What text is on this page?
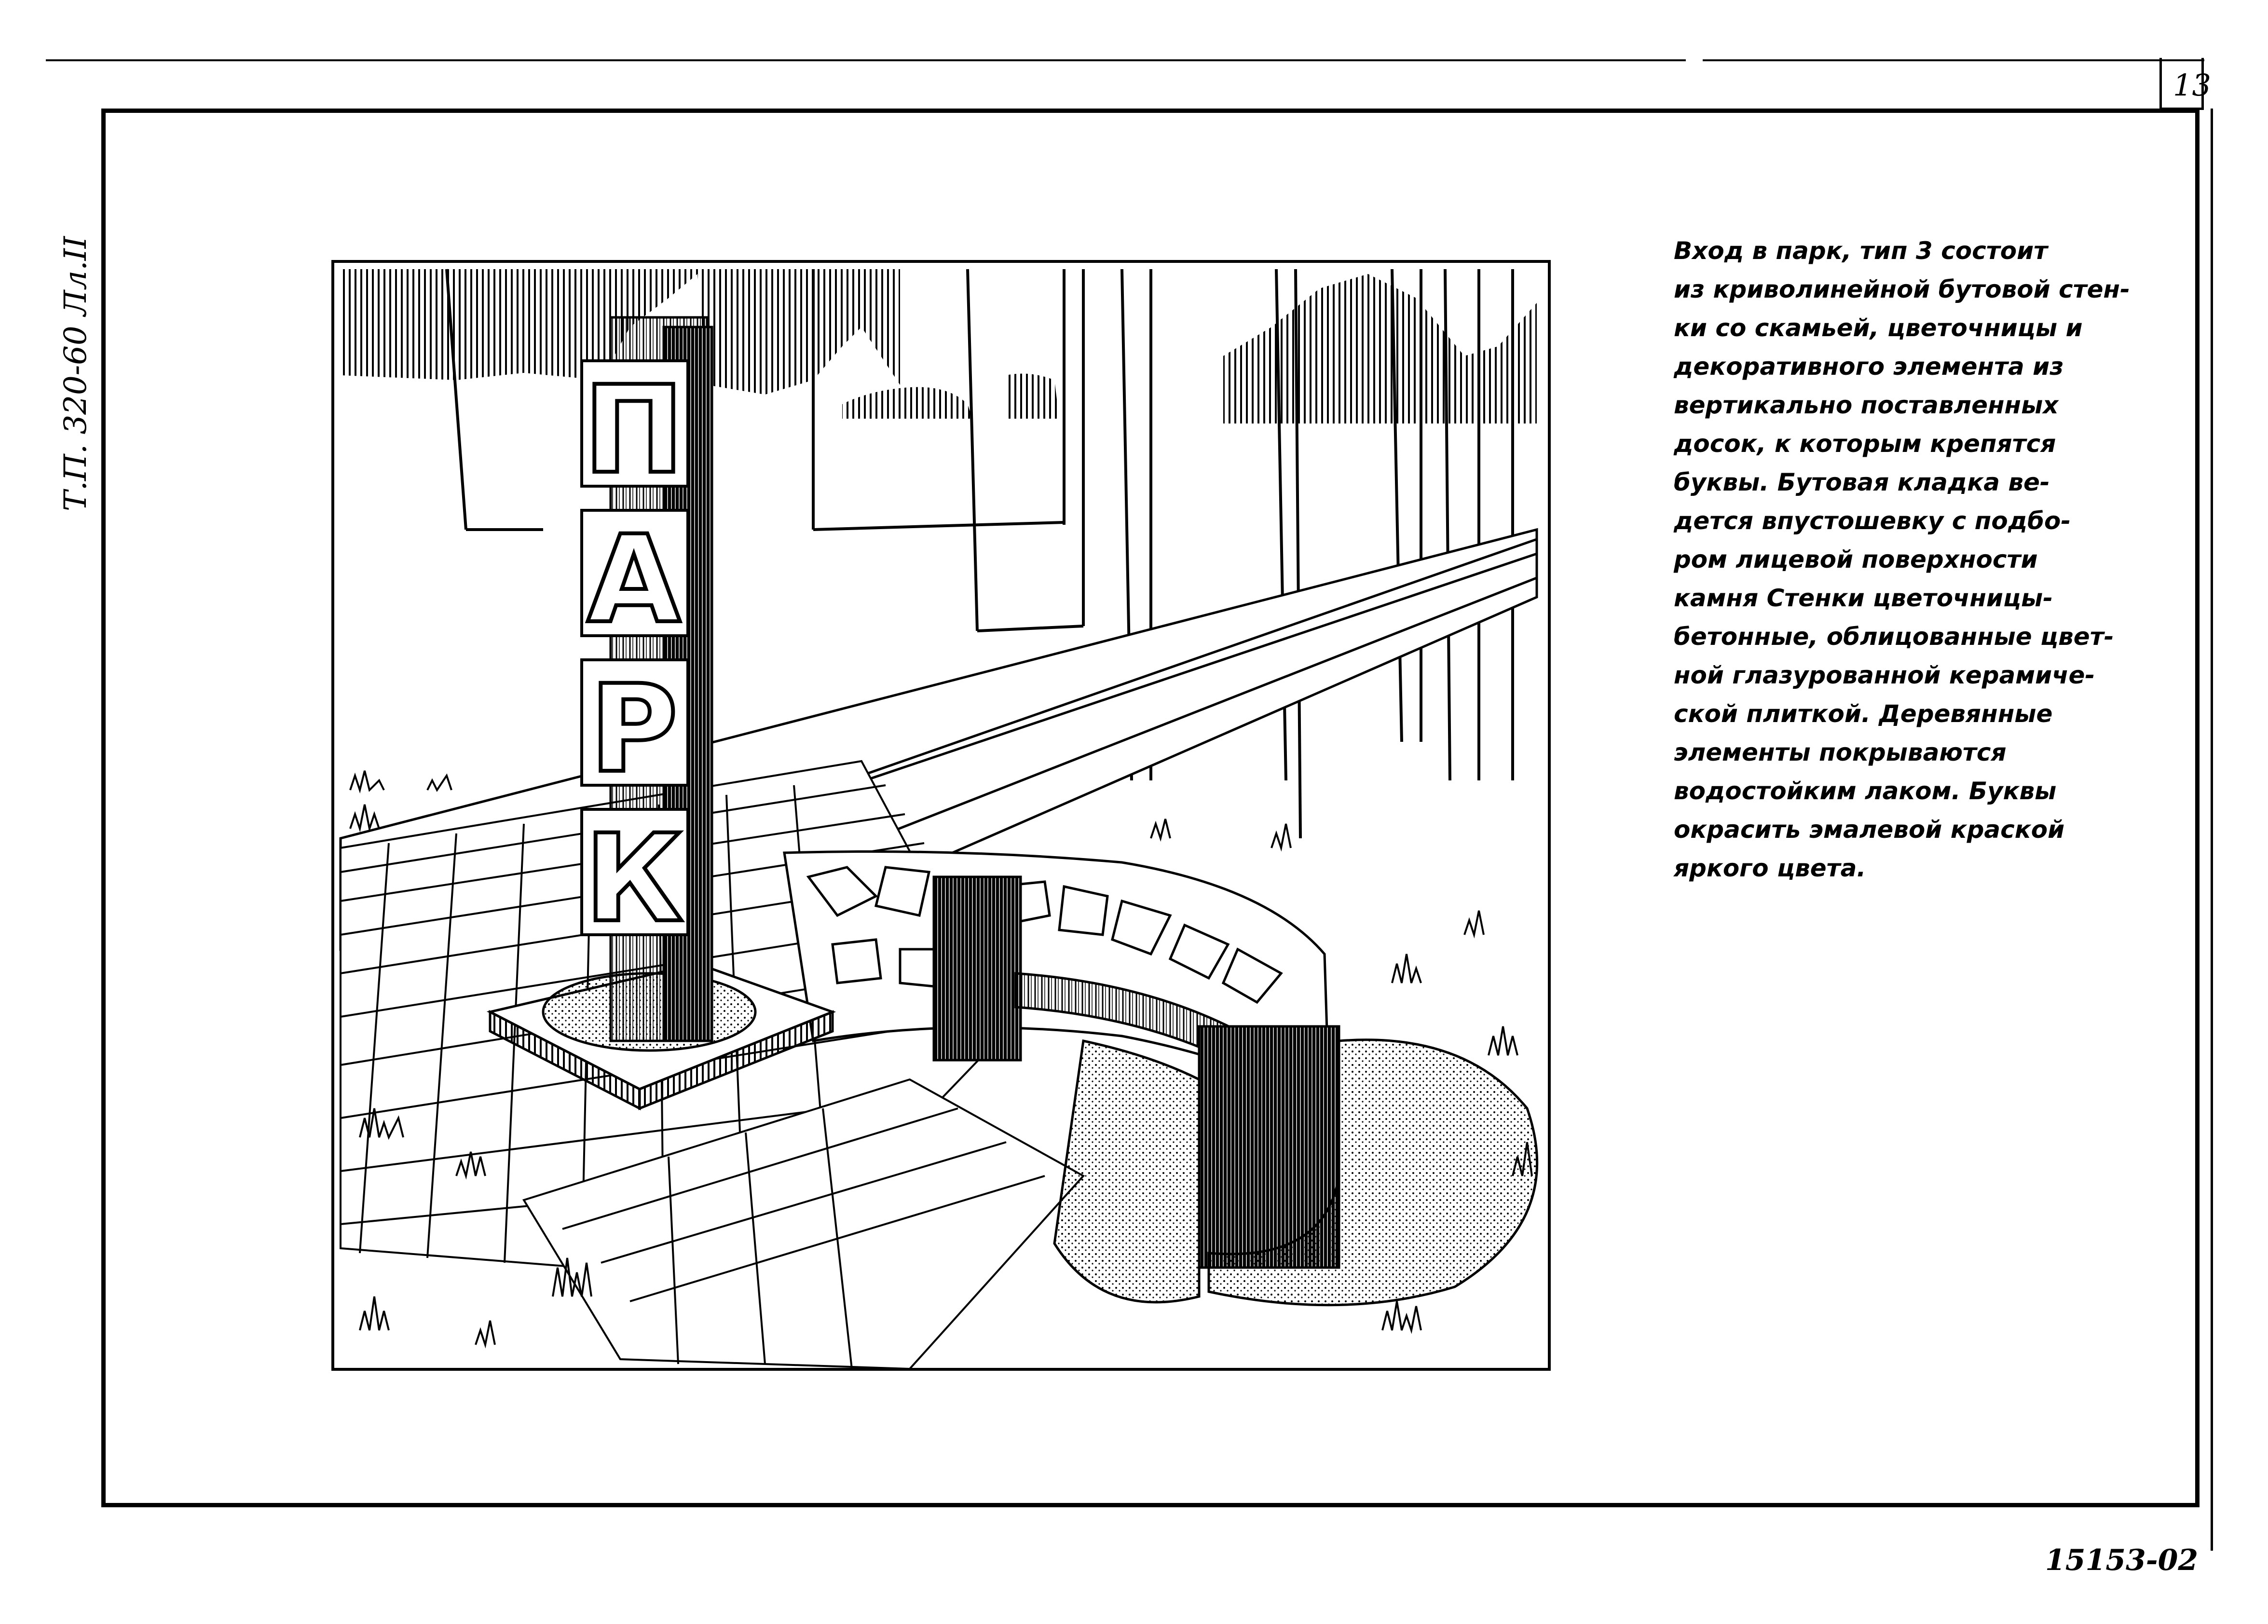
13
Т.П. 320-60 Лл.II	П
А
Р
К
Вход в парк, тип 3 состоит
из криволинейной бутовой стен-
ки со скамьей, цветочницы и
декоративного элемента из
вертикально поставленных
досок, к которым крепятся
буквы. Бутовая кладка ве-
дется впустошевку с подбо-
ром лицевой поверхности
камня Стенки цветочницы-
бетонные, облицованные цвет-
ной глазурованной керамиче-
ской плиткой. Деревянные
элементы покрываются
водостойким лаком. Буквы
окрасить эмалевой краской
яркого цвета.
15153-02
